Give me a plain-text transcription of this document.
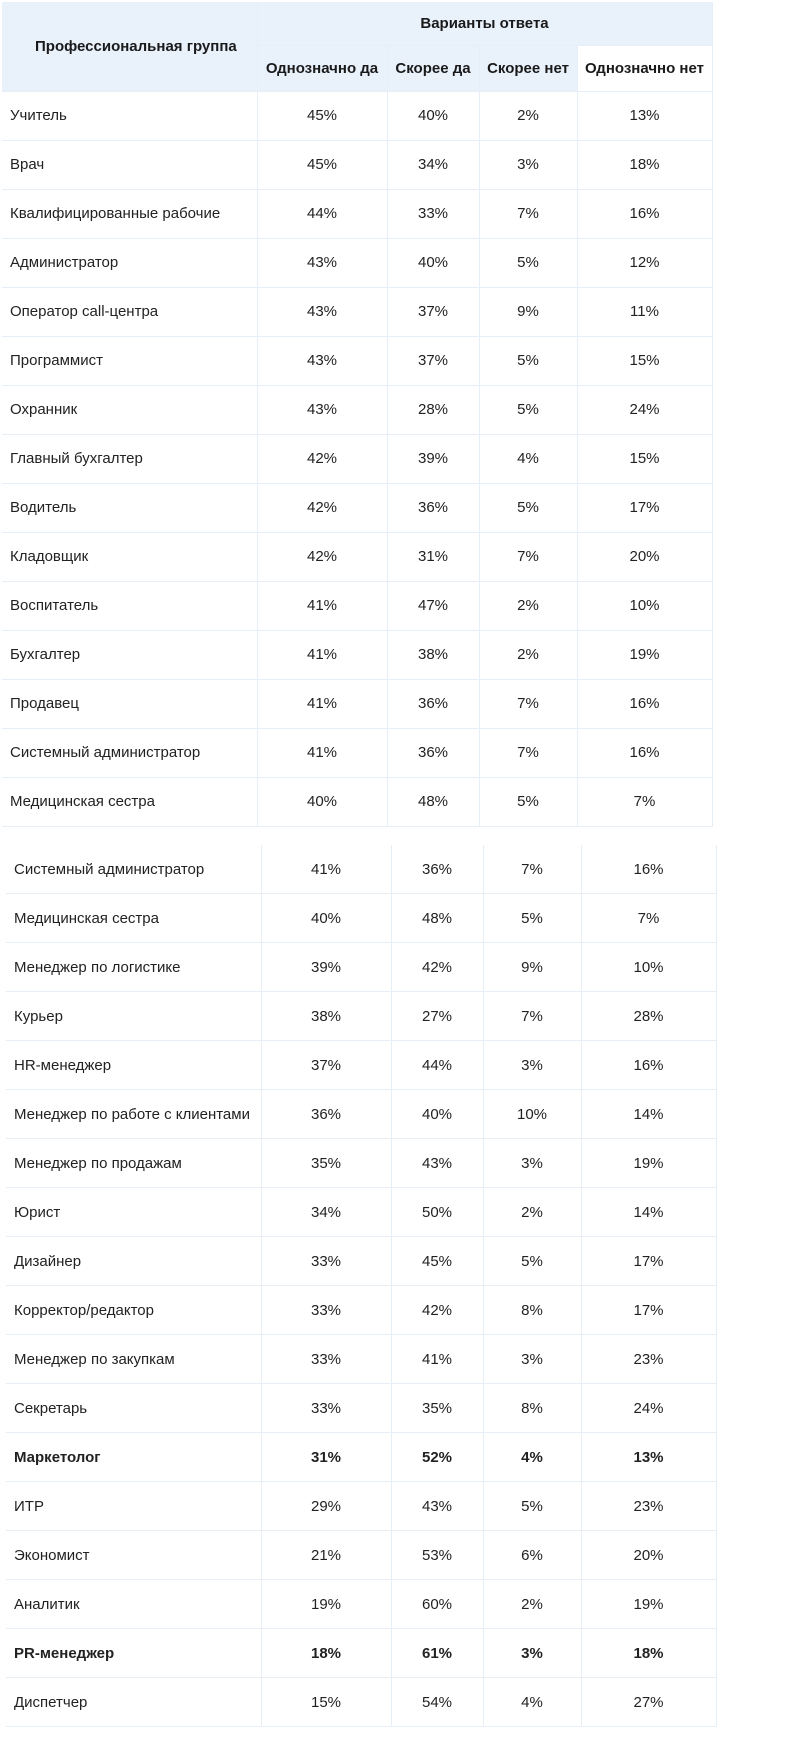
Профессиональная группа	Варианты ответа			
	Однозначно да	Скорее да	Скорее нет	Однозначно нет
Учитель	45%	40%	2%	13%
Врач	45%	34%	3%	18%
Квалифицированные рабочие	44%	33%	7%	16%
Администратор	43%	40%	5%	12%
Оператор call-центра	43%	37%	9%	11%
Программист	43%	37%	5%	15%
Охранник	43%	28%	5%	24%
Главный бухгалтер	42%	39%	4%	15%
Водитель	42%	36%	5%	17%
Кладовщик	42%	31%	7%	20%
Воспитатель	41%	47%	2%	10%
Бухгалтер	41%	38%	2%	19%
Продавец	41%	36%	7%	16%
Системный администратор	41%	36%	7%	16%
Медицинская сестра	40%	48%	5%	7%
Системный администратор	41%	36%	7%	16%
Медицинская сестра	40%	48%	5%	7%
Менеджер по логистике	39%	42%	9%	10%
Курьер	38%	27%	7%	28%
HR-менеджер	37%	44%	3%	16%
Менеджер по работе с клиентами	36%	40%	10%	14%
Менеджер по продажам	35%	43%	3%	19%
Юрист	34%	50%	2%	14%
Дизайнер	33%	45%	5%	17%
Корректор/редактор	33%	42%	8%	17%
Менеджер по закупкам	33%	41%	3%	23%
Секретарь	33%	35%	8%	24%
Маркетолог	31%	52%	4%	13%
ИТР	29%	43%	5%	23%
Экономист	21%	53%	6%	20%
Аналитик	19%	60%	2%	19%
PR-менеджер	18%	61%	3%	18%
Диспетчер	15%	54%	4%	27%
